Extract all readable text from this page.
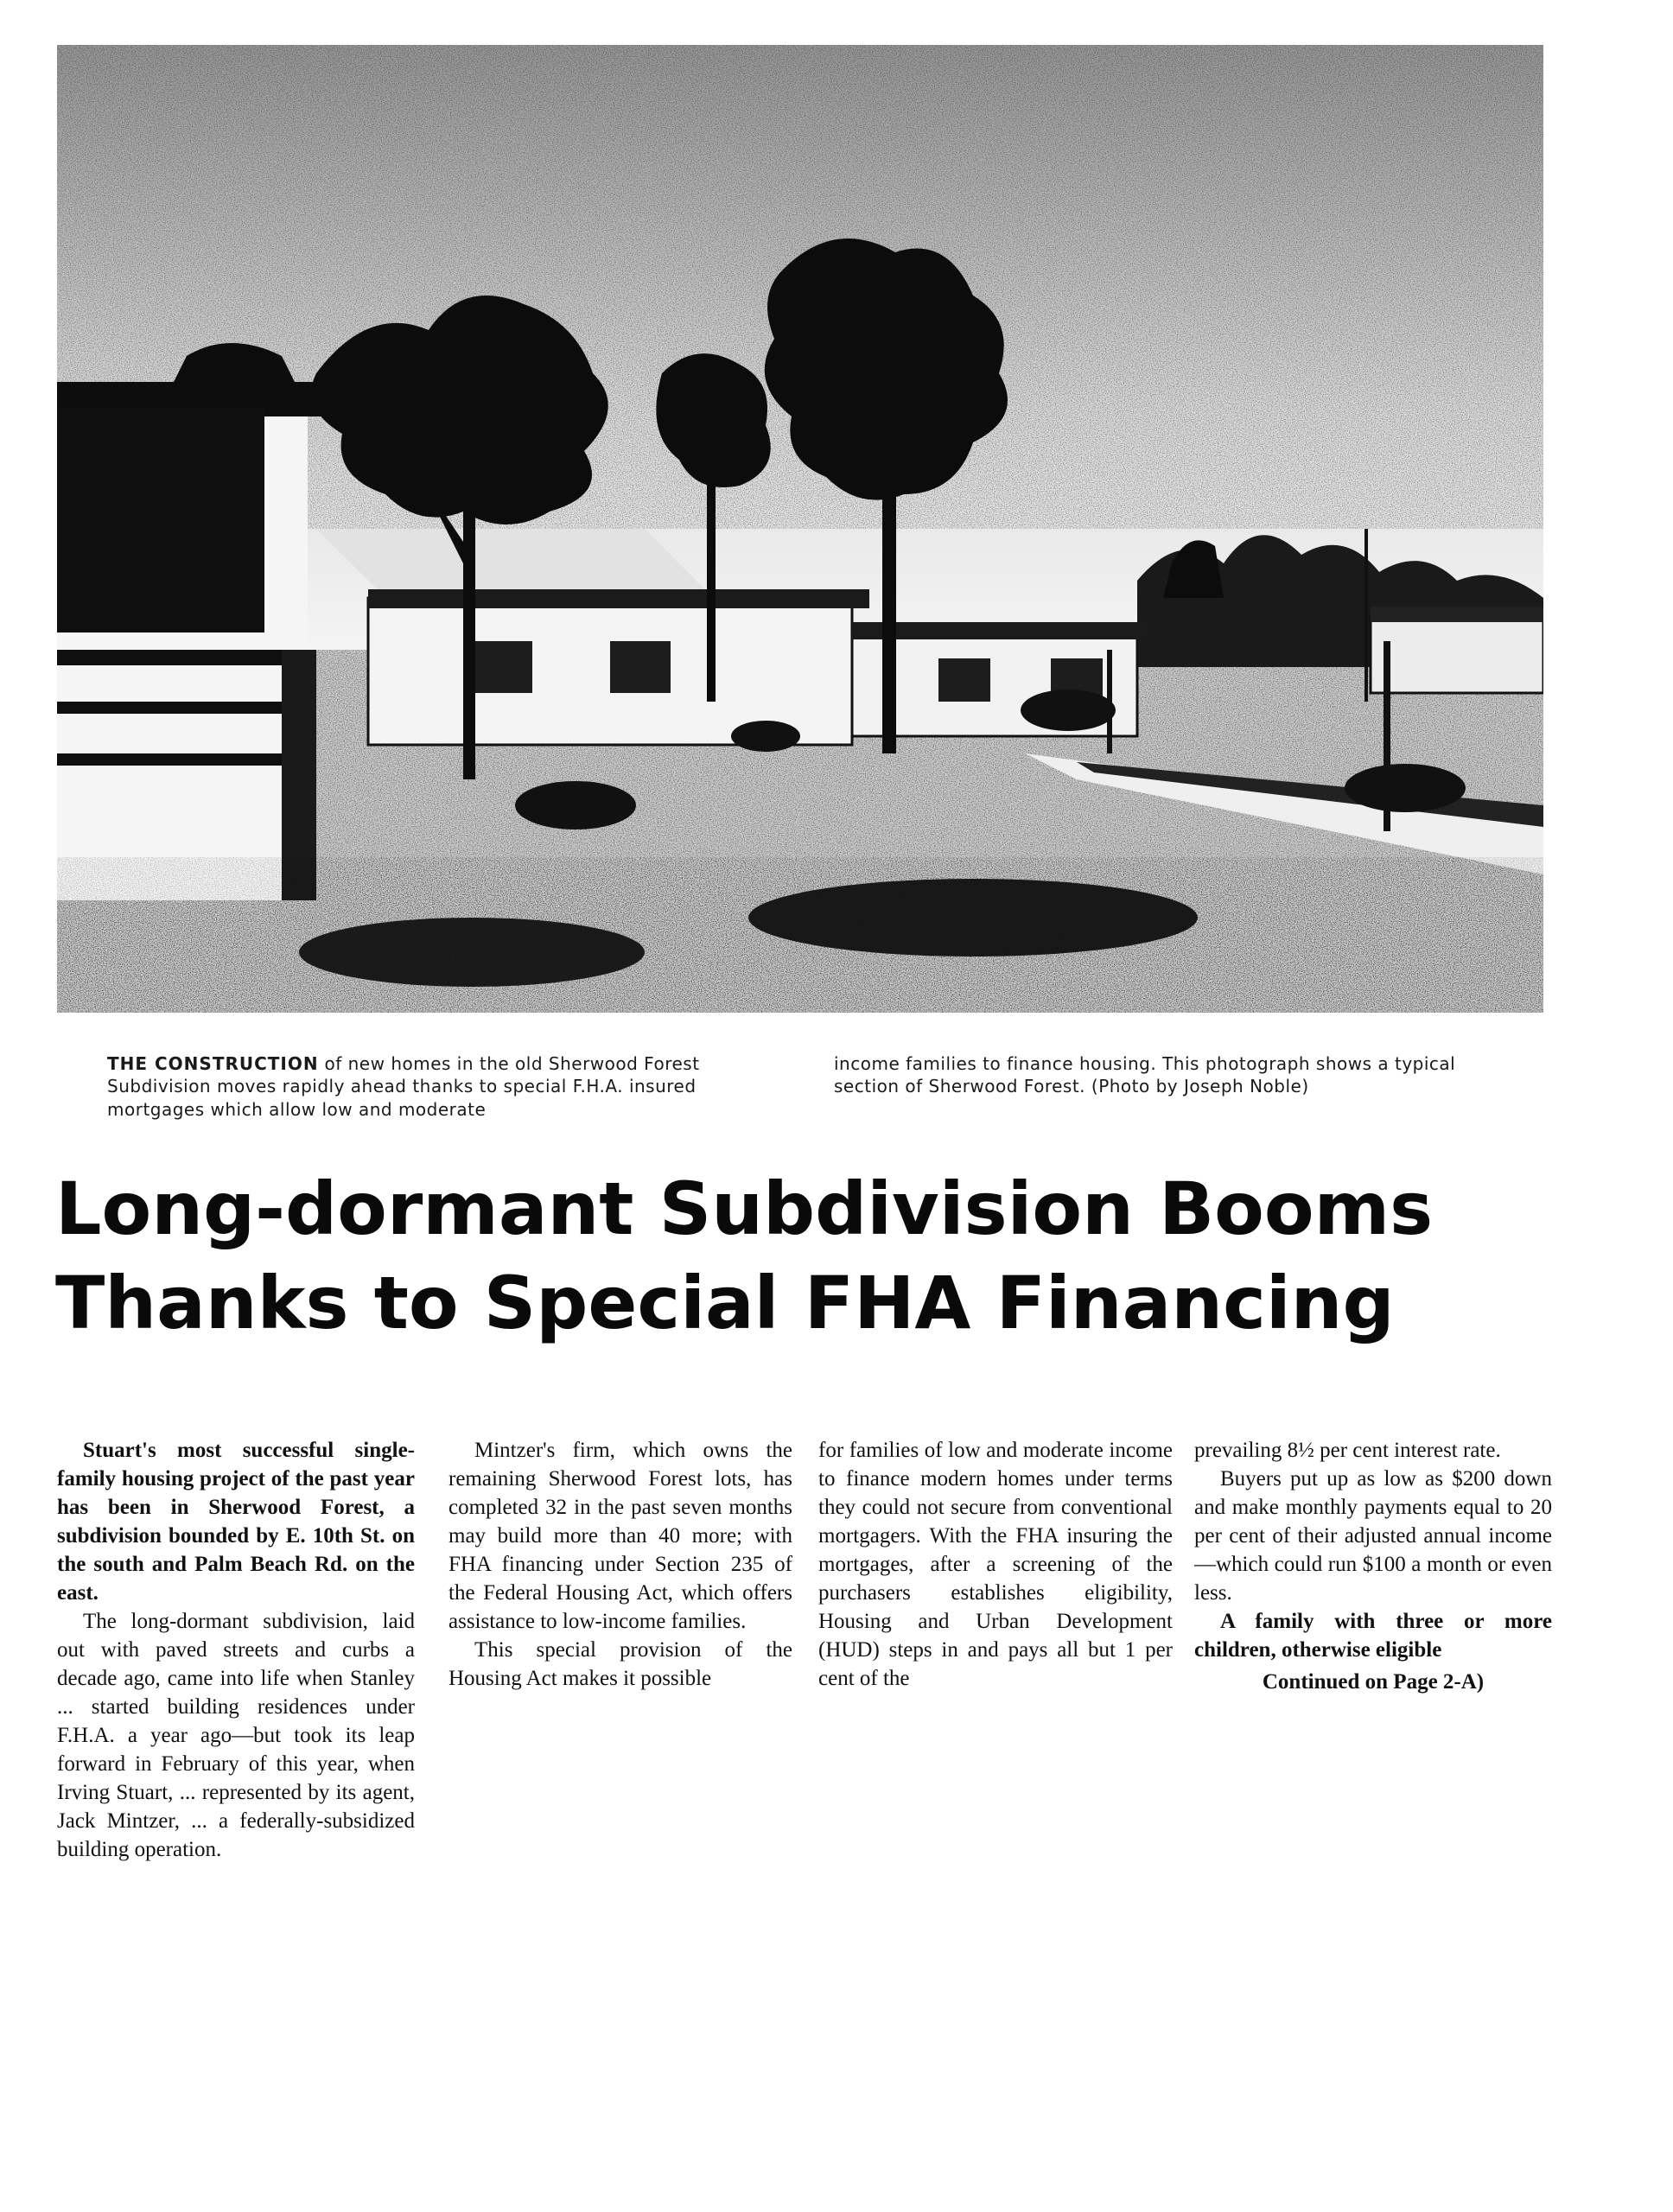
THE CONSTRUCTION of new homes in the old Sherwood Forest Subdivision moves rapidly ahead thanks to special F.H.A. insured mortgages which allow low and moderate

income families to finance housing. This photograph shows a typical section of Sherwood Forest. (Photo by Joseph Noble)

Long-dormant Subdivision Booms
Thanks to Special FHA Financing

Stuart's most successful single-family housing project of the past year has been in Sherwood Forest, a subdivision bounded by E. 10th St. on the south and Palm Beach Rd. on the east.

The long-dormant subdivision, laid out with paved streets and curbs a decade ago, came into life when Stanley ... started building residences under F.H.A. a year ago—but took its leap forward in February of this year, when Irving Stuart, ... represented by its agent, Jack Mintzer, ... a federally-subsidized building operation.

Mintzer's firm, which owns the remaining Sherwood Forest lots, has completed 32 in the past seven months may build more than 40 more; with FHA financing under Section 235 of the Federal Housing Act, which offers assistance to low-income families.

This special provision of the Housing Act makes it possible

for families of low and moderate income to finance modern homes under terms they could not secure from conventional mortgagers. With the FHA insuring the mortgages, after a screening of the purchasers establishes eligibility, Housing and Urban Development (HUD) steps in and pays all but 1 per cent of the

prevailing 8½ per cent interest rate.

Buyers put up as low as $200 down and make monthly payments equal to 20 per cent of their adjusted annual income—which could run $100 a month or even less.

A family with three or more children, otherwise eligible

Continued on Page 2-A)
